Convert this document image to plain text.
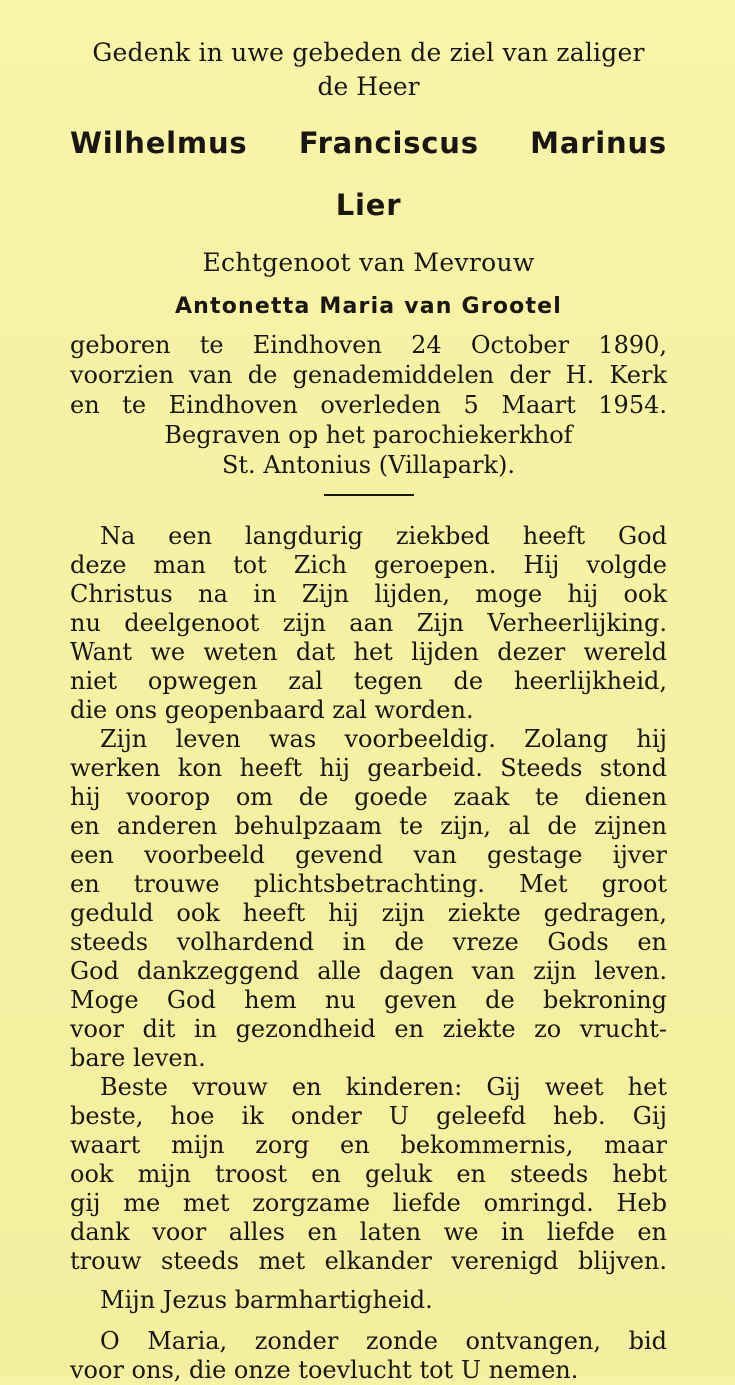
Gedenk in uwe gebeden de ziel van zaliger
de Heer
Wilhelmus Franciscus Marinus
Lier
Echtgenoot van Mevrouw
Antonetta Maria van Grootel
geboren te Eindhoven 24 October 1890,
voorzien van de genademiddelen der H. Kerk
en te Eindhoven overleden 5 Maart 1954.
Begraven op het parochiekerkhof
St. Antonius (Villapark).
Na een langdurig ziekbed heeft God
deze man tot Zich geroepen. Hij volgde
Christus na in Zijn lijden, moge hij ook
nu deelgenoot zijn aan Zijn Verheerlijking.
Want we weten dat het lijden dezer wereld
niet opwegen zal tegen de heerlijkheid,
die ons geopenbaard zal worden.
Zijn leven was voorbeeldig. Zolang hij
werken kon heeft hij gearbeid. Steeds stond
hij voorop om de goede zaak te dienen
en anderen behulpzaam te zijn, al de zijnen
een voorbeeld gevend van gestage ijver
en trouwe plichtsbetrachting. Met groot
geduld ook heeft hij zijn ziekte gedragen,
steeds volhardend in de vreze Gods en
God dankzeggend alle dagen van zijn leven.
Moge God hem nu geven de bekroning
voor dit in gezondheid en ziekte zo vrucht-
bare leven.
Beste vrouw en kinderen: Gij weet het
beste, hoe ik onder U geleefd heb. Gij
waart mijn zorg en bekommernis, maar
ook mijn troost en geluk en steeds hebt
gij me met zorgzame liefde omringd. Heb
dank voor alles en laten we in liefde en
trouw steeds met elkander verenigd blijven.
Mijn Jezus barmhartigheid.
O Maria, zonder zonde ontvangen, bid
voor ons, die onze toevlucht tot U nemen.
